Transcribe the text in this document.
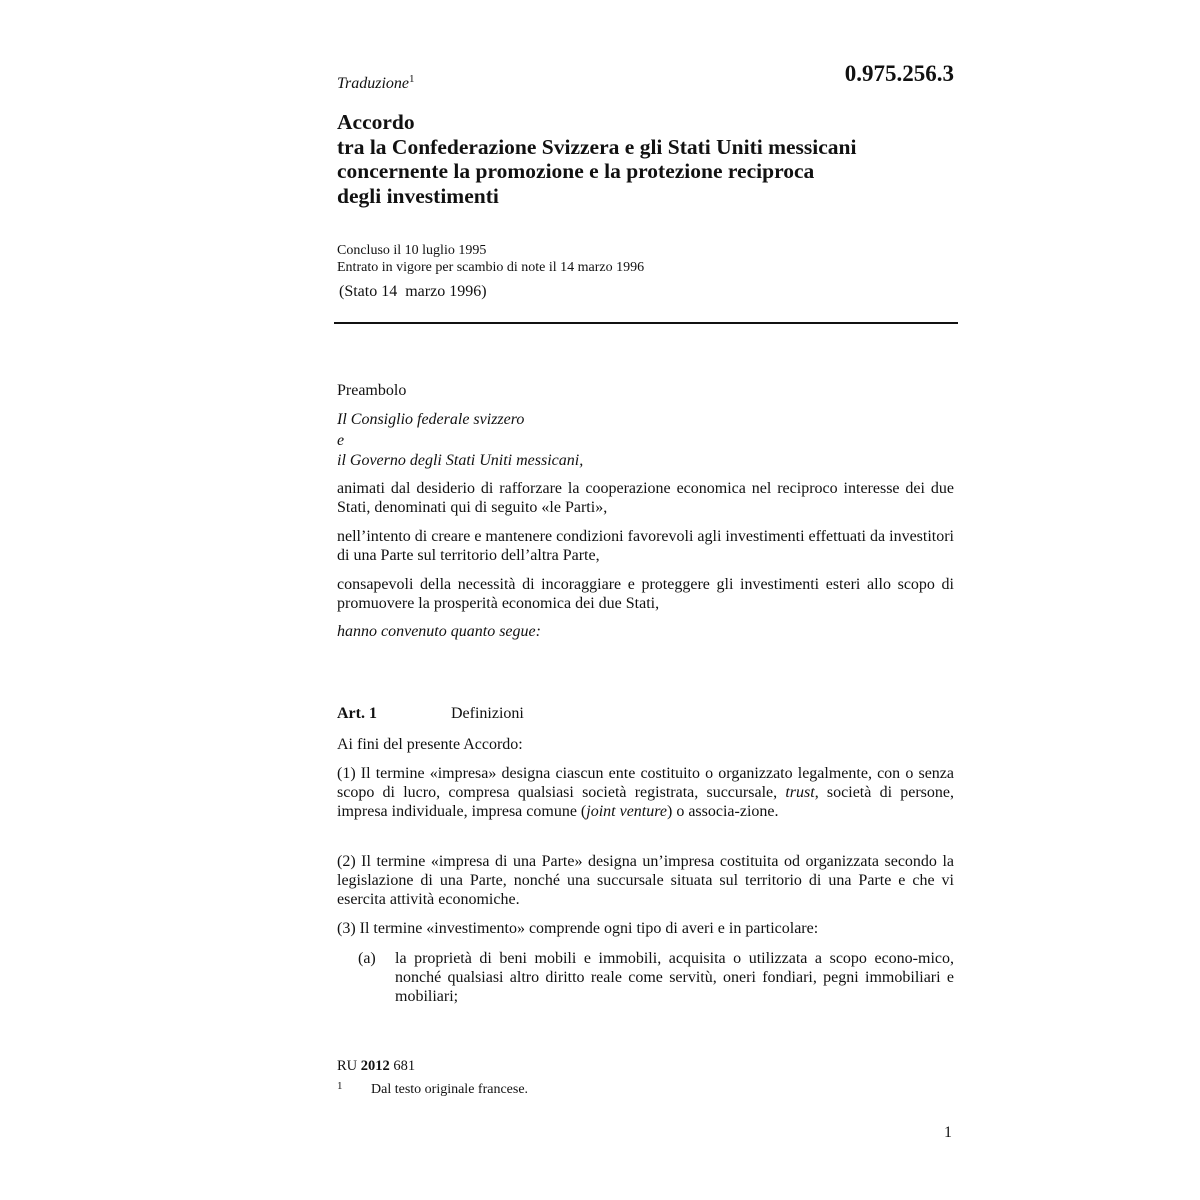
0.975.256.3
Traduzione$^1$
Accordo
tra la Confederazione Svizzera e gli Stati Uniti messicani
concernente la promozione e la protezione reciproca
degli investimenti
Concluso il 10 luglio 1995
Entrato in vigore per scambio di note il 14 marzo 1996
(Stato 14  marzo 1996)
Preambolo
Il Consiglio federale svizzero
e
il Governo degli Stati Uniti messicani,
animati dal desiderio di rafforzare la cooperazione economica nel reciproco interesse dei due Stati, denominati qui di seguito «le Parti»,
nell’intento di creare e mantenere condizioni favorevoli agli investimenti effettuati da investitori di una Parte sul territorio dell’altra Parte,
consapevoli della necessità di incoraggiare e proteggere gli investimenti esteri allo scopo di promuovere la prosperità economica dei due Stati,
hanno convenuto quanto segue:
Art. 1	Definizioni
Ai fini del presente Accordo:
(1) Il termine «impresa» designa ciascun ente costituito o organizzato legalmente, con o senza scopo di lucro, compresa qualsiasi società registrata, succursale, trust, società di persone, impresa individuale, impresa comune (joint venture) o associa-zione.
(2) Il termine «impresa di una Parte» designa un’impresa costituita od organizzata secondo la legislazione di una Parte, nonché una succursale situata sul territorio di una Parte e che vi esercita attività economiche.
(3) Il termine «investimento» comprende ogni tipo di averi e in particolare:
(a) la proprietà di beni mobili e immobili, acquisita o utilizzata a scopo econo-mico, nonché qualsiasi altro diritto reale come servitù, oneri fondiari, pegni immobiliari e mobiliari;
RU 2012 681
1 Dal testo originale francese.
1
